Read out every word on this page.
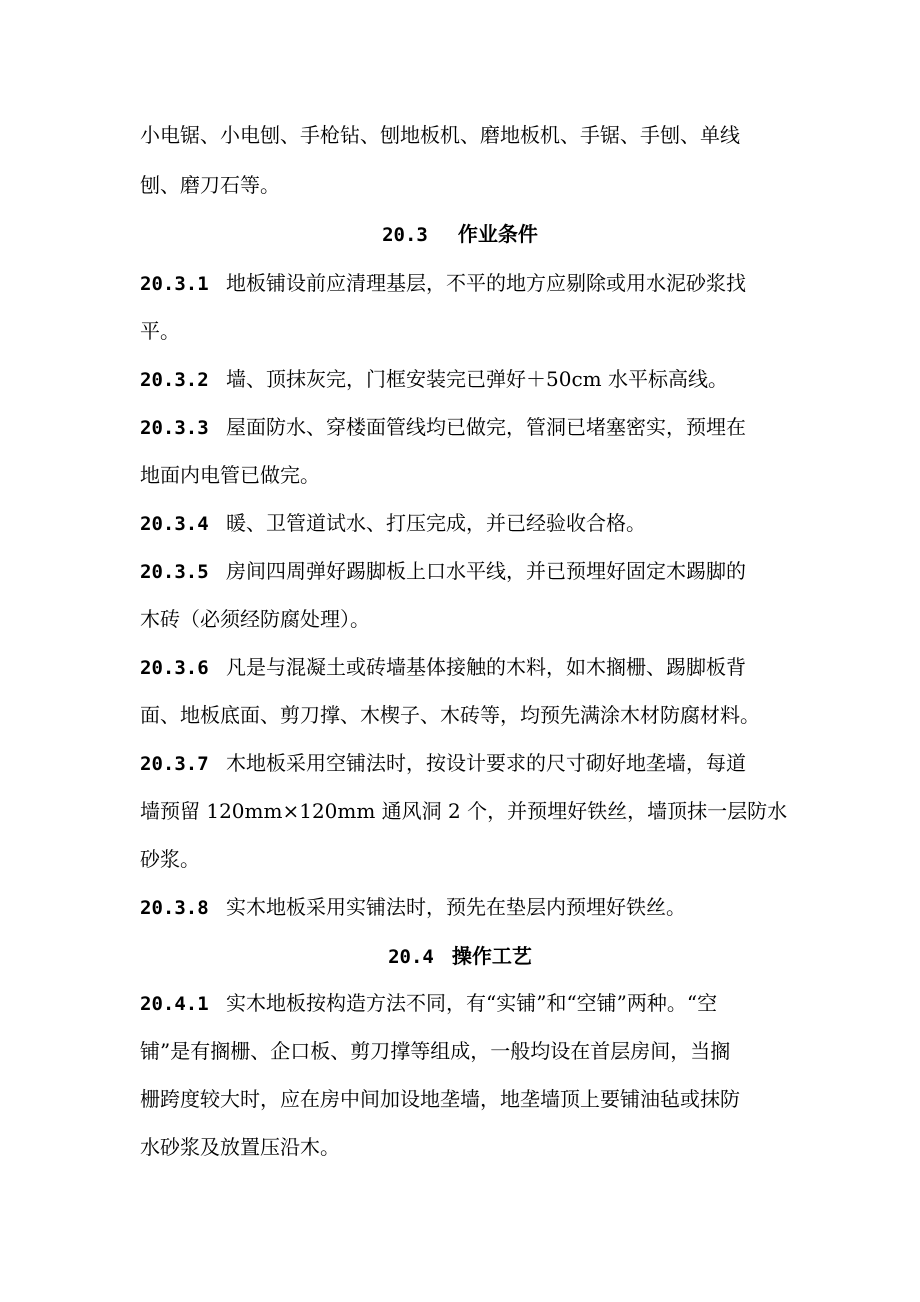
小电锯、小电刨、手枪钻、刨地板机、磨地板机、手锯、手刨、单线
刨、磨刀石等。
20.3 作业条件
20.3.1 地板铺设前应清理基层，不平的地方应剔除或用水泥砂浆找
平。
20.3.2 墙、顶抹灰完，门框安装完已弹好＋50cm 水平标高线。
20.3.3 屋面防水、穿楼面管线均已做完，管洞已堵塞密实，预埋在
地面内电管已做完。
20.3.4 暖、卫管道试水、打压完成，并已经验收合格。
20.3.5 房间四周弹好踢脚板上口水平线，并已预埋好固定木踢脚的
木砖（必须经防腐处理）。
20.3.6 凡是与混凝土或砖墙基体接触的木料，如木搁栅、踢脚板背
面、地板底面、剪刀撑、木楔子、木砖等，均预先满涂木材防腐材料。
20.3.7 木地板采用空铺法时，按设计要求的尺寸砌好地垄墙，每道
墙预留 120mm×120mm 通风洞 2 个，并预埋好铁丝，墙顶抹一层防水
砂浆。
20.3.8 实木地板采用实铺法时，预先在垫层内预埋好铁丝。
20.4 操作工艺
20.4.1 实木地板按构造方法不同，有“实铺”和“空铺”两种。“空
铺”是有搁栅、企口板、剪刀撑等组成，一般均设在首层房间，当搁
栅跨度较大时，应在房中间加设地垄墙，地垄墙顶上要铺油毡或抹防
水砂浆及放置压沿木。
